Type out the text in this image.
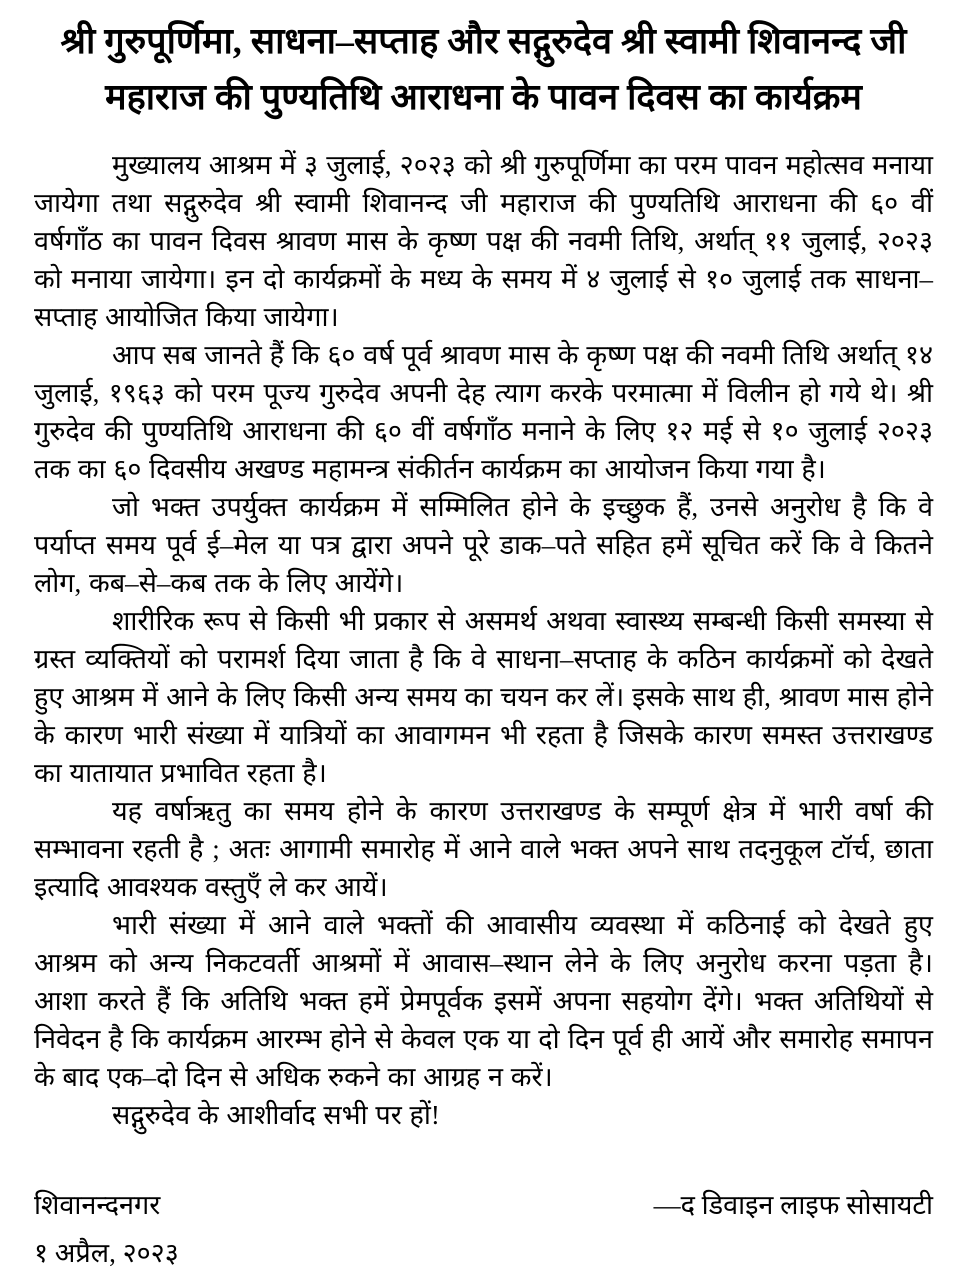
श्री गुरुपूर्णिमा, साधना–सप्ताह और सद्गुरुदेव श्री स्वामी शिवानन्द जी महाराज की पुण्यतिथि आराधना के पावन दिवस का कार्यक्रम

मुख्यालय आश्रम में ३ जुलाई, २०२३ को श्री गुरुपूर्णिमा का परम पावन महोत्सव मनाया जायेगा तथा सद्गुरुदेव श्री स्वामी शिवानन्द जी महाराज की पुण्यतिथि आराधना की ६० वीं वर्षगाँठ का पावन दिवस श्रावण मास के कृष्ण पक्ष की नवमी तिथि, अर्थात् ११ जुलाई, २०२३ को मनाया जायेगा। इन दो कार्यक्रमों के मध्य के समय में ४ जुलाई से १० जुलाई तक साधना–सप्ताह आयोजित किया जायेगा।

आप सब जानते हैं कि ६० वर्ष पूर्व श्रावण मास के कृष्ण पक्ष की नवमी तिथि अर्थात् १४ जुलाई, १९६३ को परम पूज्य गुरुदेव अपनी देह त्याग करके परमात्मा में विलीन हो गये थे। श्री गुरुदेव की पुण्यतिथि आराधना की ६० वीं वर्षगाँठ मनाने के लिए १२ मई से १० जुलाई २०२३ तक का ६० दिवसीय अखण्ड महामन्त्र संकीर्तन कार्यक्रम का आयोजन किया गया है।

जो भक्त उपर्युक्त कार्यक्रम में सम्मिलित होने के इच्छुक हैं, उनसे अनुरोध है कि वे पर्याप्त समय पूर्व ई–मेल या पत्र द्वारा अपने पूरे डाक–पते सहित हमें सूचित करें कि वे कितने लोग, कब–से–कब तक के लिए आयेंगे।

शारीरिक रूप से किसी भी प्रकार से असमर्थ अथवा स्वास्थ्य सम्बन्धी किसी समस्या से ग्रस्त व्यक्तियों को परामर्श दिया जाता है कि वे साधना–सप्ताह के कठिन कार्यक्रमों को देखते हुए आश्रम में आने के लिए किसी अन्य समय का चयन कर लें। इसके साथ ही, श्रावण मास होने के कारण भारी संख्या में यात्रियों का आवागमन भी रहता है जिसके कारण समस्त उत्तराखण्ड का यातायात प्रभावित रहता है।

यह वर्षाऋतु का समय होने के कारण उत्तराखण्ड के सम्पूर्ण क्षेत्र में भारी वर्षा की सम्भावना रहती है ; अतः आगामी समारोह में आने वाले भक्त अपने साथ तदनुकूल टॉर्च, छाता इत्यादि आवश्यक वस्तुएँ ले कर आयें।

भारी संख्या में आने वाले भक्तों की आवासीय व्यवस्था में कठिनाई को देखते हुए आश्रम को अन्य निकटवर्ती आश्रमों में आवास–स्थान लेने के लिए अनुरोध करना पड़ता है। आशा करते हैं कि अतिथि भक्त हमें प्रेमपूर्वक इसमें अपना सहयोग देंगे। भक्त अतिथियों से निवेदन है कि कार्यक्रम आरम्भ होने से केवल एक या दो दिन पूर्व ही आयें और समारोह समापन के बाद एक–दो दिन से अधिक रुकने का आग्रह न करें।

सद्गुरुदेव के आशीर्वाद सभी पर हों!

शिवानन्दनगर
१ अप्रैल, २०२३
—द डिवाइन लाइफ सोसायटी
